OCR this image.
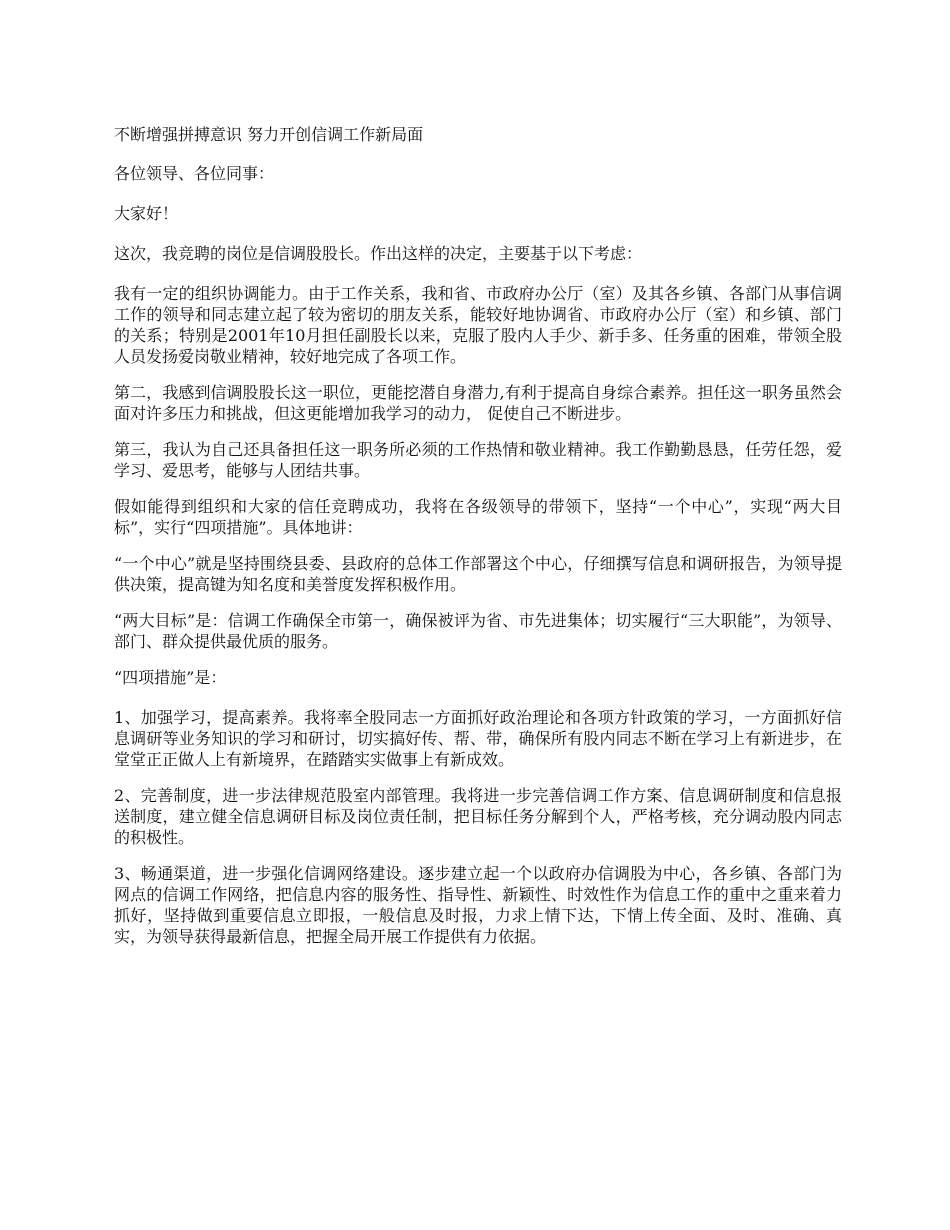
不断增强拼搏意识 努力开创信调工作新局面

各位领导、各位同事：

大家好！

这次，我竞聘的岗位是信调股股长。作出这样的决定，主要基于以下考虑：

我有一定的组织协调能力。由于工作关系，我和省、市政府办公厅（室）及其各乡镇、各部门从事信调工作的领导和同志建立起了较为密切的朋友关系，能较好地协调省、市政府办公厅（室）和乡镇、部门的关系；特别是2001年10月担任副股长以来，克服了股内人手少、新手多、任务重的困难，带领全股人员发扬爱岗敬业精神，较好地完成了各项工作。

第二，我感到信调股股长这一职位，更能挖潜自身潜力,有利于提高自身综合素养。担任这一职务虽然会面对许多压力和挑战，但这更能增加我学习的动力， 促使自己不断进步。

第三，我认为自己还具备担任这一职务所必须的工作热情和敬业精神。我工作勤勤恳恳，任劳任怨，爱学习、爱思考，能够与人团结共事。

假如能得到组织和大家的信任竞聘成功，我将在各级领导的带领下，坚持“一个中心”，实现“两大目标”，实行“四项措施”。具体地讲：

“一个中心”就是坚持围绕县委、县政府的总体工作部署这个中心，仔细撰写信息和调研报告，为领导提供决策，提高键为知名度和美誉度发挥积极作用。

“两大目标”是：信调工作确保全市第一，确保被评为省、市先进集体；切实履行“三大职能”，为领导、部门、群众提供最优质的服务。

“四项措施”是：

1、加强学习，提高素养。我将率全股同志一方面抓好政治理论和各项方针政策的学习，一方面抓好信息调研等业务知识的学习和研讨，切实搞好传、帮、带，确保所有股内同志不断在学习上有新进步，在堂堂正正做人上有新境界，在踏踏实实做事上有新成效。

2、完善制度，进一步法律规范股室内部管理。我将进一步完善信调工作方案、信息调研制度和信息报送制度，建立健全信息调研目标及岗位责任制，把目标任务分解到个人，严格考核，充分调动股内同志的积极性。

3、畅通渠道，进一步强化信调网络建设。逐步建立起一个以政府办信调股为中心，各乡镇、各部门为网点的信调工作网络，把信息内容的服务性、指导性、新颖性、时效性作为信息工作的重中之重来着力抓好，坚持做到重要信息立即报，一般信息及时报，力求上情下达，下情上传全面、及时、准确、真实，为领导获得最新信息，把握全局开展工作提供有力依据。
